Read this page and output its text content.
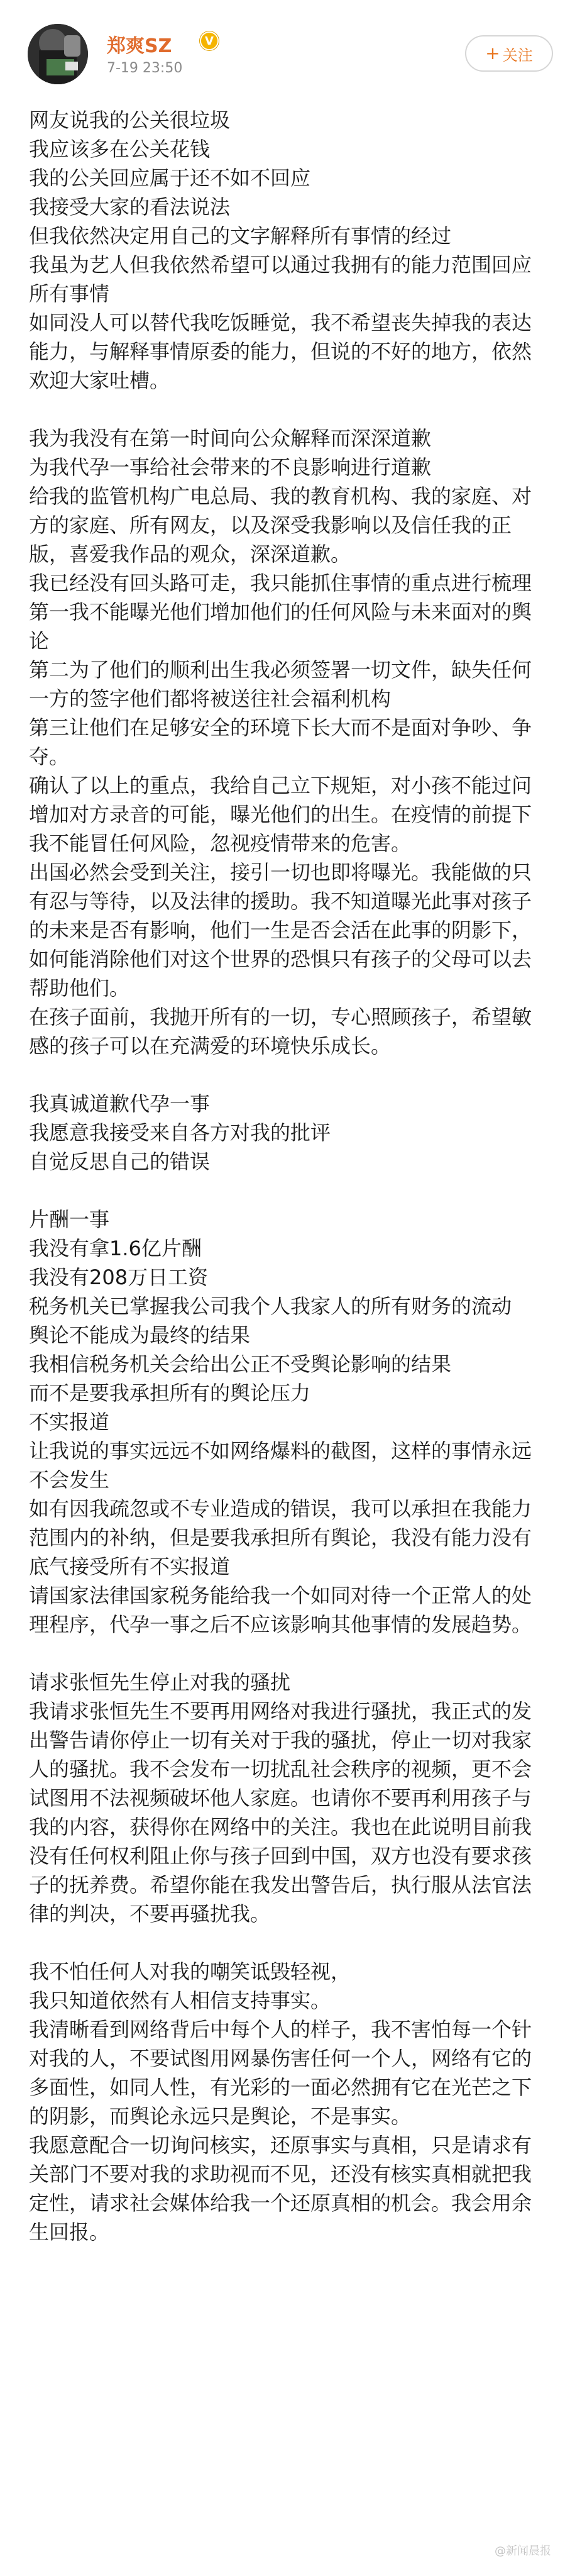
郑爽SZ	V
7-19 23:50
+ 关注

网友说我的公关很垃圾

我应该多在公关花钱

我的公关回应属于还不如不回应

我接受大家的看法说法

但我依然决定用自己的文字解释所有事情的经过

我虽为艺人但我依然希望可以通过我拥有的能力范围回应所有事情

如同没人可以替代我吃饭睡觉，我不希望丧失掉我的表达能力，与解释事情原委的能力，但说的不好的地方，依然欢迎大家吐槽。

我为我没有在第一时间向公众解释而深深道歉

为我代孕一事给社会带来的不良影响进行道歉

给我的监管机构广电总局、我的教育机构、我的家庭、对方的家庭、所有网友，以及深受我影响以及信任我的正版，喜爱我作品的观众，深深道歉。

我已经没有回头路可走，我只能抓住事情的重点进行梳理

第一我不能曝光他们增加他们的任何风险与未来面对的舆论

第二为了他们的顺利出生我必须签署一切文件，缺失任何一方的签字他们都将被送往社会福利机构

第三让他们在足够安全的环境下长大而不是面对争吵、争夺。

确认了以上的重点，我给自己立下规矩，对小孩不能过问增加对方录音的可能，曝光他们的出生。在疫情的前提下我不能冒任何风险，忽视疫情带来的危害。

出国必然会受到关注，接引一切也即将曝光。我能做的只有忍与等待，以及法律的援助。我不知道曝光此事对孩子的未来是否有影响，他们一生是否会活在此事的阴影下，如何能消除他们对这个世界的恐惧只有孩子的父母可以去帮助他们。

在孩子面前，我抛开所有的一切，专心照顾孩子，希望敏感的孩子可以在充满爱的环境快乐成长。

我真诚道歉代孕一事

我愿意我接受来自各方对我的批评

自觉反思自己的错误

片酬一事

我没有拿1.6亿片酬

我没有208万日工资

税务机关已掌握我公司我个人我家人的所有财务的流动

舆论不能成为最终的结果

我相信税务机关会给出公正不受舆论影响的结果

而不是要我承担所有的舆论压力

不实报道

让我说的事实远远不如网络爆料的截图，这样的事情永远不会发生

如有因我疏忽或不专业造成的错误，我可以承担在我能力范围内的补纳，但是要我承担所有舆论，我没有能力没有底气接受所有不实报道

请国家法律国家税务能给我一个如同对待一个正常人的处理程序，代孕一事之后不应该影响其他事情的发展趋势。

请求张恒先生停止对我的骚扰

我请求张恒先生不要再用网络对我进行骚扰，我正式的发出警告请你停止一切有关对于我的骚扰，停止一切对我家人的骚扰。我不会发布一切扰乱社会秩序的视频，更不会试图用不法视频破坏他人家庭。也请你不要再利用孩子与我的内容，获得你在网络中的关注。我也在此说明目前我没有任何权利阻止你与孩子回到中国，双方也没有要求孩子的抚养费。希望你能在我发出警告后，执行服从法官法律的判决，不要再骚扰我。

我不怕任何人对我的嘲笑诋毁轻视，

我只知道依然有人相信支持事实。

我清晰看到网络背后中每个人的样子，我不害怕每一个针对我的人，不要试图用网暴伤害任何一个人，网络有它的多面性，如同人性，有光彩的一面必然拥有它在光芒之下的阴影，而舆论永远只是舆论，不是事实。

我愿意配合一切询问核实，还原事实与真相，只是请求有关部门不要对我的求助视而不见，还没有核实真相就把我定性，请求社会媒体给我一个还原真相的机会。我会用余生回报。

@新闻晨报
